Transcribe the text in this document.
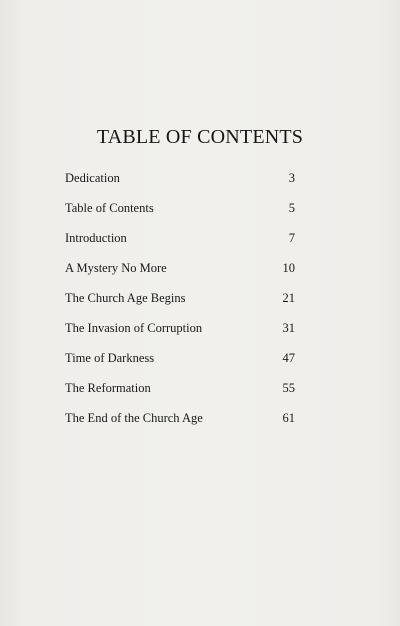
TABLE OF CONTENTS
Dedication	3
Table of Contents	5
Introduction	7
A Mystery No More	10
The Church Age Begins	21
The Invasion of Corruption	31
Time of Darkness	47
The Reformation	55
The End of the Church Age	61
